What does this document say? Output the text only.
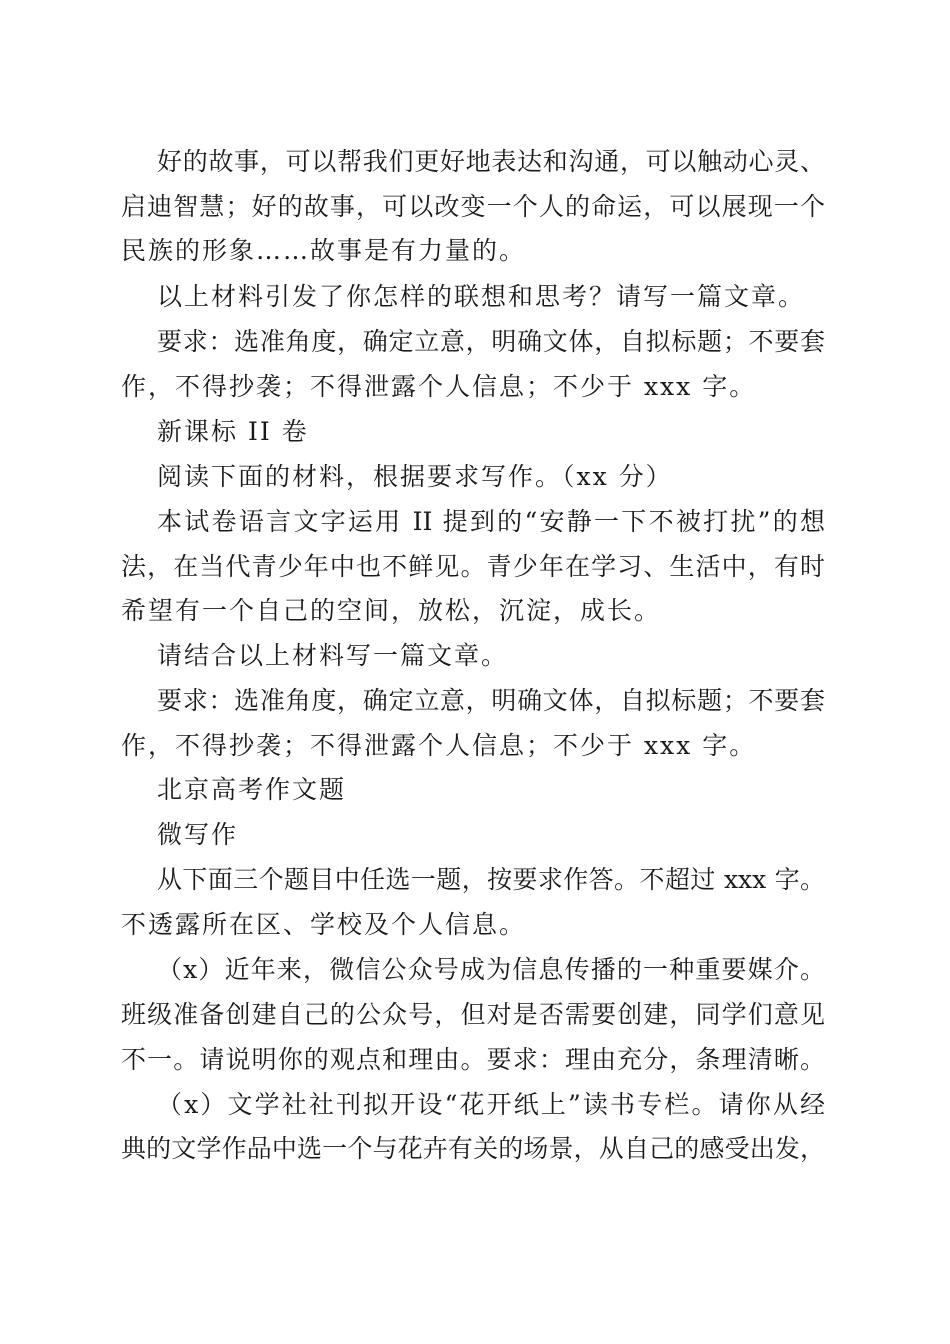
好的故事，可以帮我们更好地表达和沟通，可以触动心灵、
启迪智慧；好的故事，可以改变一个人的命运，可以展现一个
民族的形象……故事是有力量的。
以上材料引发了你怎样的联想和思考？请写一篇文章。
要求：选准角度，确定立意，明确文体，自拟标题；不要套
作，不得抄袭；不得泄露个人信息；不少于 xxx 字。
新课标 II 卷
阅读下面的材料，根据要求写作。（xx 分）
本试卷语言文字运用 II 提到的“安静一下不被打扰”的想
法，在当代青少年中也不鲜见。青少年在学习、生活中，有时
希望有一个自己的空间，放松，沉淀，成长。
请结合以上材料写一篇文章。
要求：选准角度，确定立意，明确文体，自拟标题；不要套
作，不得抄袭；不得泄露个人信息；不少于 xxx 字。
北京高考作文题
微写作
从下面三个题目中任选一题，按要求作答。不超过 xxx 字。
不透露所在区、学校及个人信息。
（x）近年来，微信公众号成为信息传播的一种重要媒介。
班级准备创建自己的公众号，但对是否需要创建，同学们意见
不一。请说明你的观点和理由。要求：理由充分，条理清晰。
（x）文学社社刊拟开设“花开纸上”读书专栏。请你从经
典的文学作品中选一个与花卉有关的场景，从自己的感受出发，
